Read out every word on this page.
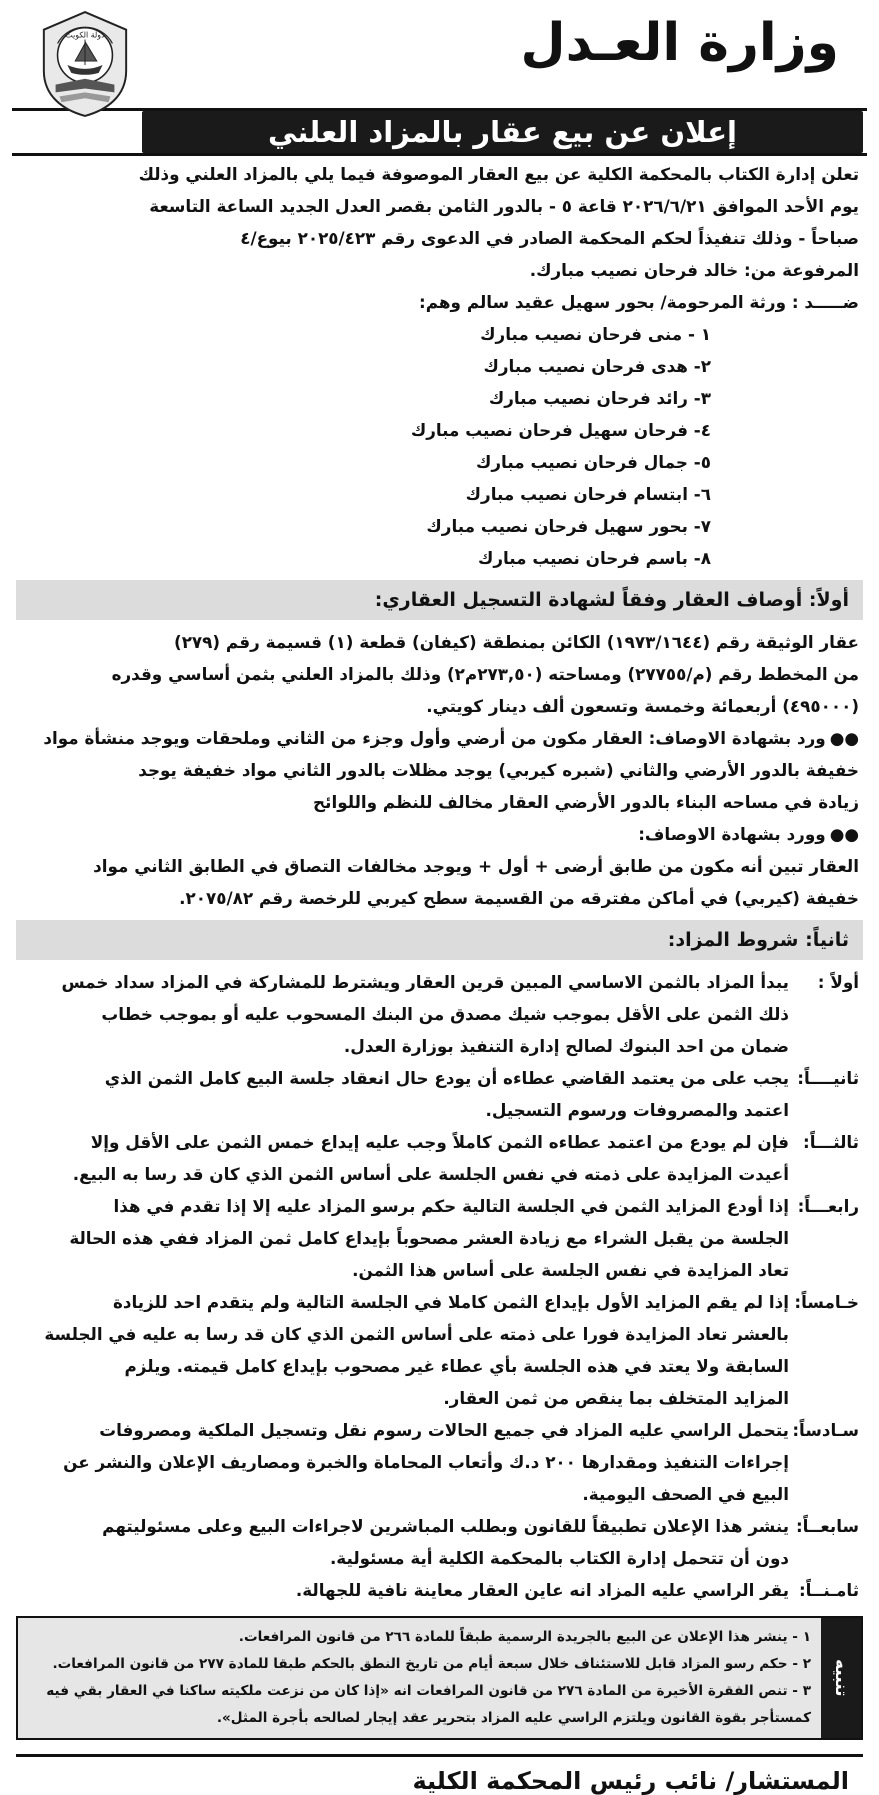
وزارة العـدل
دولة الكويت
إعلان عن بيع عقار بالمزاد العلني
تعلن إدارة الكتاب بالمحكمة الكلية عن بيع العقار الموصوفة فيما يلي بالمزاد العلني وذلك
يوم الأحد الموافق ٢٠٢٦/٦/٢١ قاعة ٥ - بالدور الثامن بقصر العدل الجديد الساعة التاسعة
صباحاً - وذلك تنفيذاً لحكم المحكمة الصادر في الدعوى رقم ٢٠٢٥/٤٢٣ بيوع/٤
المرفوعة من: خالد فرحان نصيب مبارك.
ضـــــد : ورثة المرحومة/ بحور سهيل عقيد سالم وهم:
١ - منى فرحان نصيب مبارك
٢- هدى فرحان نصيب مبارك
٣- رائد فرحان نصيب مبارك
٤- فرحان سهيل فرحان نصيب مبارك
٥- جمال فرحان نصيب مبارك
٦- ابتسام فرحان نصيب مبارك
٧- بحور سهيل فرحان نصيب مبارك
٨- باسم فرحان نصيب مبارك
أولاً: أوصاف العقار وفقاً لشهادة التسجيل العقاري:
عقار الوثيقة رقم (١٩٧٣/١٦٤٤) الكائن بمنطقة (كيفان) قطعة (١) قسيمة رقم (٢٧٩)
من المخطط رقم (م/٢٧٧٥٥) ومساحته (٢٧٣,٥٠م٢) وذلك بالمزاد العلني بثمن أساسي وقدره
(٤٩٥٠٠٠) أربعمائة وخمسة وتسعون ألف دينار كويتي.
●●ورد بشهادة الاوصاف: العقار مكون من أرضي وأول وجزء من الثاني وملحقات ويوجد منشأة مواد
خفيفة بالدور الأرضي والثاني (شبره كيربي) يوجد مظلات بالدور الثاني مواد خفيفة يوجد
زيادة في مساحه البناء بالدور الأرضي العقار مخالف للنظم واللوائح
●●وورد بشهادة الاوصاف:
العقار تبين أنه مكون من طابق أرضى + أول + ويوجد مخالفات التصاق في الطابق الثاني مواد
خفيفة (كيربي) في أماكن مفترقه من القسيمة سطح كيربي للرخصة رقم ٢٠٧٥/٨٢.
ثانياً: شروط المزاد:
أولاً :
يبدأ المزاد بالثمن الاساسي المبين قرين العقار ويشترط للمشاركة في المزاد سداد خمس
ذلك الثمن على الأقل بموجب شيك مصدق من البنك المسحوب عليه أو بموجب خطاب
ضمان من احد البنوك لصالح إدارة التنفيذ بوزارة العدل.
ثانيــــاً:
يجب على من يعتمد القاضي عطاءه أن يودع حال انعقاد جلسة البيع كامل الثمن الذي
اعتمد والمصروفات ورسوم التسجيل.
ثالثـــاً:
فإن لم يودع من اعتمد عطاءه الثمن كاملاً وجب عليه إيداع خمس الثمن على الأقل وإلا
أعيدت المزايدة على ذمته في نفس الجلسة على أساس الثمن الذي كان قد رسا به البيع.
رابعـــاً:
إذا أودع المزايد الثمن في الجلسة التالية حكم برسو المزاد عليه إلا إذا تقدم في هذا
الجلسة من يقبل الشراء مع زيادة العشر مصحوباً بإيداع كامل ثمن المزاد ففي هذه الحالة
تعاد المزايدة في نفس الجلسة على أساس هذا الثمن.
خـامساً:
إذا لم يقم المزايد الأول بإيداع الثمن كاملا في الجلسة التالية ولم يتقدم احد للزيادة
بالعشر تعاد المزايدة فورا على ذمته على أساس الثمن الذي كان قد رسا به عليه في الجلسة
السابقة ولا يعتد في هذه الجلسة بأي عطاء غير مصحوب بإيداع كامل قيمته. ويلزم
المزايد المتخلف بما ينقص من ثمن العقار.
سـادساً:
يتحمل الراسي عليه المزاد في جميع الحالات رسوم نقل وتسجيل الملكية ومصروفات
إجراءات التنفيذ ومقدارها ٢٠٠ د.ك وأتعاب المحاماة والخبرة ومصاريف الإعلان والنشر عن
البيع في الصحف اليومية.
سابعــاً:
ينشر هذا الإعلان تطبيقاً للقانون وبطلب المباشرين لاجراءات البيع وعلى مسئوليتهم
دون أن تتحمل إدارة الكتاب بالمحكمة الكلية أية مسئولية.
ثامـنــاً:
يقر الراسي عليه المزاد انه عاين العقار معاينة نافية للجهالة.
تنبيه
١ - ينشر هذا الإعلان عن البيع بالجريدة الرسمية طبقاً للمادة ٢٦٦ من قانون المرافعات.
٢ - حكم رسو المزاد قابل للاستئناف خلال سبعة أيام من تاريخ النطق بالحكم طبقا للمادة ٢٧٧ من قانون المرافعات.
٣ - تنص الفقرة الأخيرة من المادة ٢٧٦ من قانون المرافعات انه «إذا كان من نزعت ملكيته ساكنا في العقار بقي فيه
كمستأجر بقوة القانون ويلتزم الراسي عليه المزاد بتحرير عقد إيجار لصالحه بأجرة المثل».
المستشار/ نائب رئيس المحكمة الكلية
